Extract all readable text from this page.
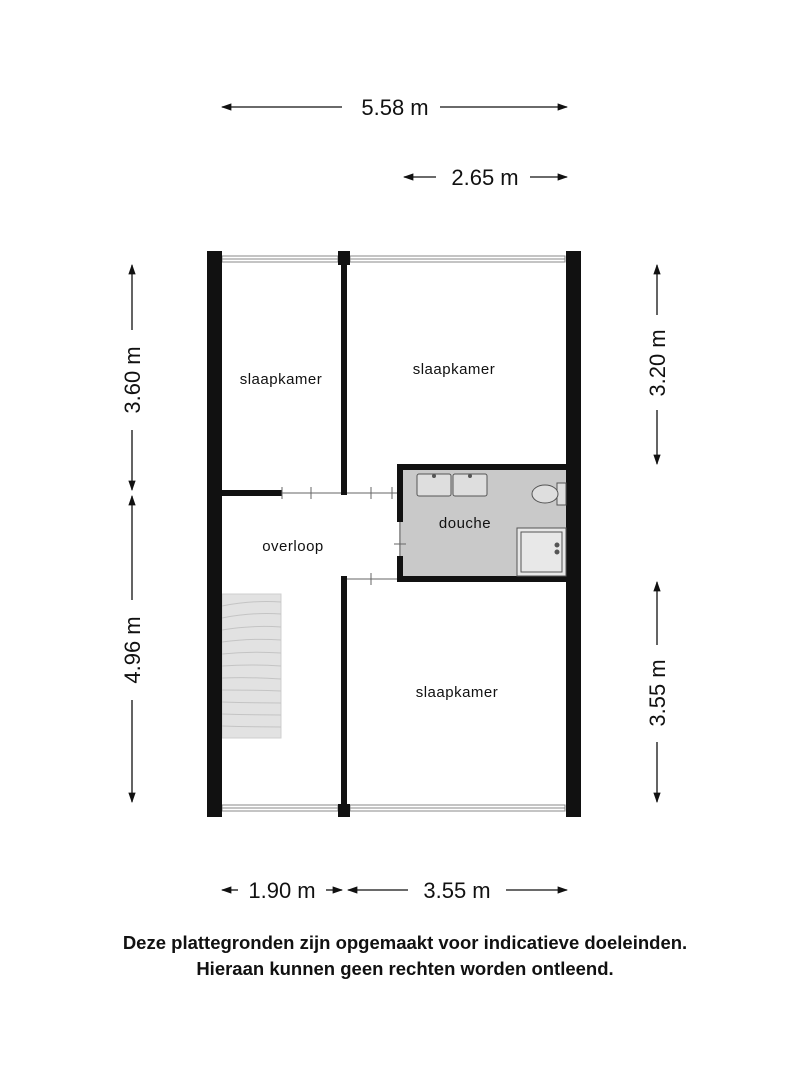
5.58 m
2.65 m
3.60 m
4.96 m
3.20 m
3.55 m
1.90 m	3.55 m
slaapkamer
slaapkamer
overloop
douche
slaapkamer
Deze plattegronden zijn opgemaakt voor indicatieve doeleinden.
Hieraan kunnen geen rechten worden ontleend.
